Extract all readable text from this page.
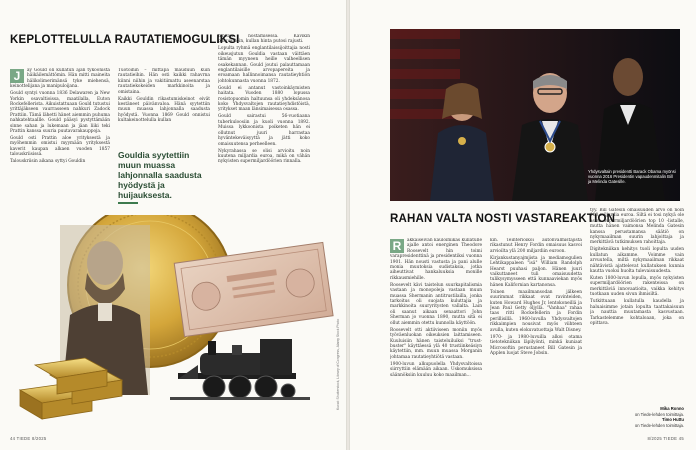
KEPLOTTELULLA RAUTATIEMOGULIKSI
J	ay Gould oli kullatun ajan tykoonista häikäilemättömin. Hän mitti maineita hälikolimerimänsä tyke miehensä, keinottelijana ja manipuloijana.

Gould syntyi vuonna 1836 Delawaren ja New Yorkin osavaltioissa, maatilalla, Euton Rockefellerista. Aikuistattuaan Gould tutustui yrittäjäkseen vaurrasseen nahkuri Zadock Prattiin. Tämä lähetti hänet aiemmin puhuma nahkatehtaallle. Gould pääsyi pystyttämään sinne sahan ja lukemaan ja jäan liiki teki Prattin kanssa suuria puutavarakauppoja.

Gould osti Prattin aloe yrityksestä ja myöhemmin omistui myymään yrityksestä kaverit kaupan alkaen vuoden 1857 talouskriisissä.

Talouskriisin aikana syttyi Gouldin

Tuotoihin – mittäpä mauduun kuin rautatieihin. Hän osti kaikki rahavrna kiinni niihin ja vakitiimattu aseenarstaa rautatiekokeiden markkinoita ja omistaina.

Kaikki Gouldin rikastumiskeinot eivät kestäneet päivänvaloa. Hänä syytettiin muun muassa lahjonnalla saadusta hyödystä. Vuonna 1869 Gould onnistui kultakeinottelulla kullan

Gouldia syytettiin muun muassa lahjonnalla saadusta hyödystä ja huijauksesta.

hinnan nostamisessa. Kävikin päinvastoin, kullan hinta putosi rajusti.

Lopulta ryhmä englantilaissijoittajia nosti oikeusjutun Gouldia vastaan väittäen tämän myyneen heille valheellisen osakekannan. Gould joutui palauttamaan englantilaisille arvopapereita ja eroamaan hallinnoimansa rautatieyhtiön johtokunnasta vuonna 1872.

Gould ei antanut vastoinkäymisten haitata. Vuoden 1880 lopussa rosistopuomin haltuunsa oli yhdeksänosa koko Yhdysvaltojen rautatieyhdistöistä, yritykset maan länsimaisessa osassa.

Gould sairastui 56-vuotiaana tuberkuloosiin ja kuoli vuonna 1892. Muissa lykkoonista poiketen hän ei ollutnut juuri harrastaa hyväntekeväisyyttä ja jätti koko omaisuutensa perheelleen.

Nykyrahassa se olisi arvioitu noin kuutena miljardia euroa, mikä on vähän nykyisten supermiljardöörien rinnalla.

Kuvat: Shutterstock, Library of Congress, Alamy Stock Photo
44 TIEDE 8/2025
Yhdysvaltain presidentti Barack Obama myönsi vuonna 2016 Presidentin vapaudenmitalin Bill ja Melinda Gatesille.
RAHAN VALTA NOSTI VASTAREAKTION
R	akkaiseivan kauloimikas kullatulle ajalle antoi energinen Theodore Roosevelt hin toimi varapresidenttinä ja presidentiksi vuonna 1901. Hän nousti vastusta ja pani alulle monia muutoksia sudistaksia, jotka aiheuttivat hankaluuksia monille rikkausmiehille.

Roosevelt kävi taistelun suurkapitalismia vastaan ja monopoleja vastaan muun muassa Shermanin antitrustilailla, jonka tarkoitus oli suojata kuluttajia ja markkinoita suuryritysten vallalta. Lain oli saanut aikaan senaattori John Sherman jo vuonna 1890, mutta sitä ei ollut aiemmin otettu kunnolla käyttöön.

Roosevelt otti aktiiviseen moniin myös työväenluokan oikeuksien laittamiseen. Kuuluisiin hänen taisteluiluiksi "trust-buster" käyttäessä ylä 40 trustiinkeäsiyn käytettiin, mm. muun muassa Morganin johtamaa rautatieyhtiötä vastaan.

1900-luvun alkupuolella Yhdysvaltoissa siirryttiin elämään aikaan. Uskomuksissa säännöksiin kuuluu koko maailman...

kin. Teinteriöikoi autonvalmistajista rikastunut Henry Fordin omaisuus kasvoi arvioilta ylä 200 miljardiin euroon.

Kirjankustanyajmjista ja mediamogulien Lehtikappaleen "isä" William Randolph Hearst puuhasi paljon. Hänen juuri vaikuttaneet tuli omaisuudetta tulikysymysseen että kunnaaviekan myös hänen Kalifornian kartanonsa.

Toinen maailmansodan jälkeen suurimmat rikkaat ovat ravinteiden, kuten Howard Hughes Jr, lentokoneillä ja Jean Paul Getty öljyllä. "Vanhaa" rahaa taas ritti Rockefellerin ja Fordin perillisillä. 1960-luvulla Yhdysvaltojen rikkaimpien nousivat myös viihteen avulla, kuten elokuvatuottaja Walt Disney.

1970- ja 1980-luvuilla alkoi otama tietotekniikan läpilyönti, minkä kuniaat Microsoftin perustaneet Bill Gatesin ja Applen luojat Steve Jobsin.

tyy. Bill Gatesin omaisuuden arvo on noin 100 miljardia euroa. Siltä ei tosi nykyä ole asiaa supermiljardöörien top 10 -listalle, mutta hänen vaimonsa Melinda Gatesin kanssa perustamansa säätiö on nykymaailman suurin lahjoittaja ja merkittävä tutkimuksen rahoittaja.

Digitekniikan kehitys tuoli lopulta uuden kullatun aikamme. Voimme vain arvuutella, miltä nykymaailman rikkaat nähtävistä ajattelevat kullatuksen kunnia kautta vuoksi huolta tulevaisuudesta.

Kuten 1800-luvun lopulla, myös nykyisten supermiljardöörien rakenteissa on merkittäviä innovaatioita, vaikka kehitys tuotkaan uuden sivun ihmisiltä.

Tutkittuaan kullatulla kaudella ja haluaisimme jotain lopulta taattakaisuun ja nauttia muutamasta kasvustaan. Tarkastelemme kohtaloaan, joka on opittava.

Mika Ronno
on Tiede-lehden toimittaja.
Timo Huttu
on Tiede-lehden toimittaja.
8/2025 TIEDE 45
